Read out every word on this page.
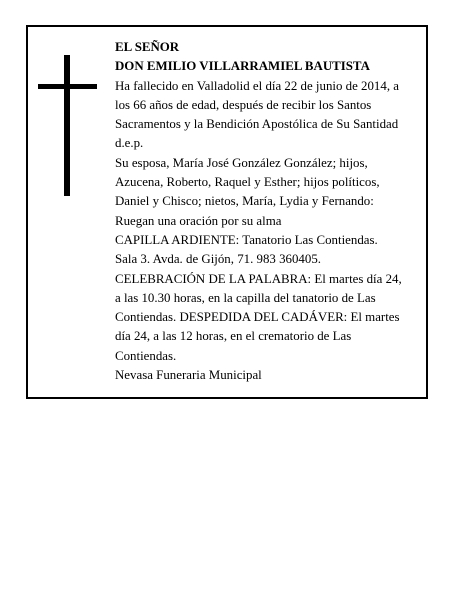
EL SEÑOR
DON EMILIO VILLARRAMIEL BAUTISTA
Ha fallecido en Valladolid el día 22 de junio de 2014, a
los 66 años de edad, después de recibir los Santos
Sacramentos y la Bendición Apostólica de Su Santidad
d.e.p.
Su esposa, María José González González; hijos,
Azucena, Roberto, Raquel y Esther; hijos políticos,
Daniel y Chisco; nietos, María, Lydia y Fernando:
Ruegan una oración por su alma
CAPILLA ARDIENTE: Tanatorio Las Contiendas.
Sala 3. Avda. de Gijón, 71. 983 360405.
CELEBRACIÓN DE LA PALABRA: El martes día 24,
a las 10.30 horas, en la capilla del tanatorio de Las
Contiendas. DESPEDIDA DEL CADÁVER: El martes
día 24, a las 12 horas, en el crematorio de Las
Contiendas.
Nevasa Funeraria Municipal
